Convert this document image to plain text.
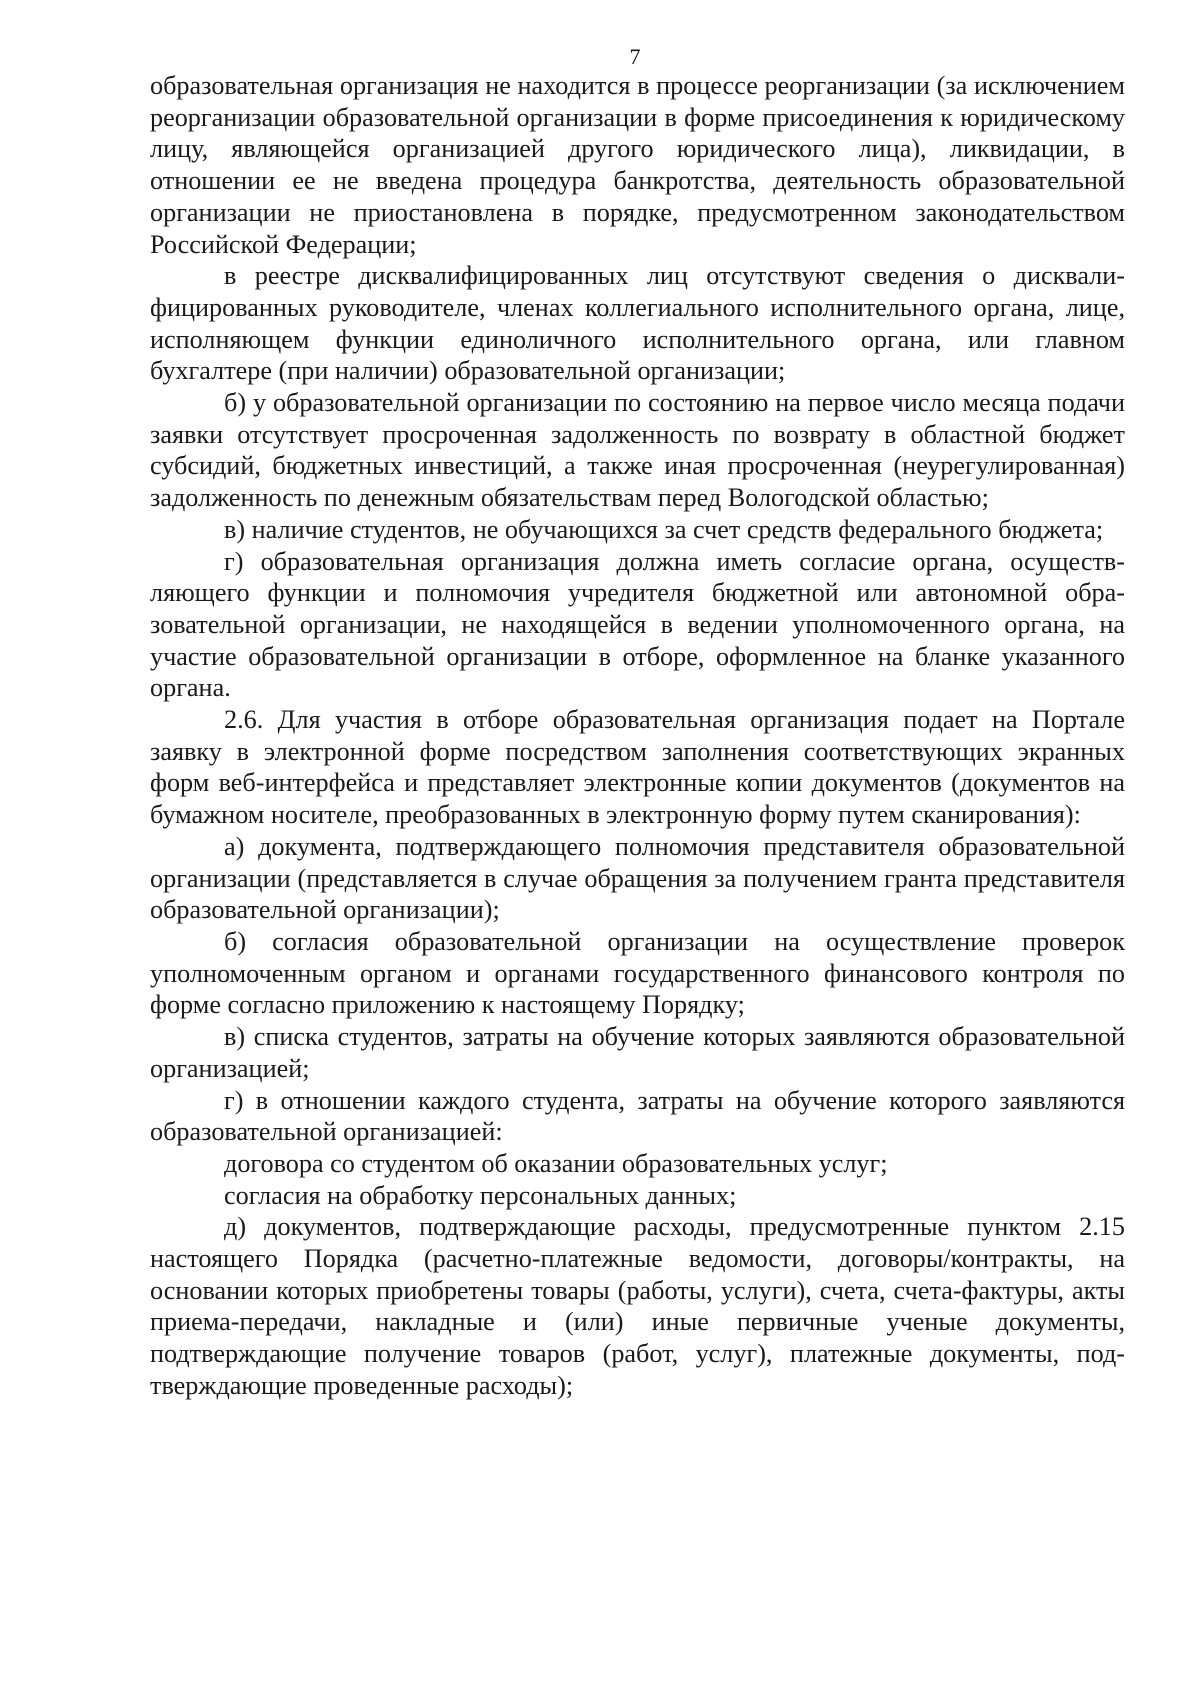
7

образовательная организация не находится в процессе реорганизации (за исключением реорганизации образовательной организации в форме присоединения к юридическому лицу, являющейся организацией другого юридического лица), ликвидации, в отношении ее не введена процедура банкротства, деятельность образовательной организации не приостановлена в порядке, предусмотренном законодательством Российской Федерации;

в реестре дисквалифицированных лиц отсутствуют сведения о дисквалифицированных руководителе, членах коллегиального исполнительного органа, лице, исполняющем функции единоличного исполнительного органа, или главном бухгалтере (при наличии) образовательной организации;

б) у образовательной организации по состоянию на первое число месяца подачи заявки отсутствует просроченная задолженность по возврату в областной бюджет субсидий, бюджетных инвестиций, а также иная просроченная (неурегулированная) задолженность по денежным обязательствам перед Вологодской областью;

в) наличие студентов, не обучающихся за счет средств федерального бюджета;

г) образовательная организация должна иметь согласие органа, осуществляющего функции и полномочия учредителя бюджетной или автономной образовательной организации, не находящейся в ведении уполномоченного органа, на участие образовательной организации в отборе, оформленное на бланке указанного органа.

2.6. Для участия в отборе образовательная организация подает на Портале заявку в электронной форме посредством заполнения соответствующих экранных форм веб-интерфейса и представляет электронные копии документов (документов на бумажном носителе, преобразованных в электронную форму путем сканирования):

а) документа, подтверждающего полномочия представителя образовательной организации (представляется в случае обращения за получением гранта представителя образовательной организации);

б) согласия образовательной организации на осуществление проверок уполномоченным органом и органами государственного финансового контроля по форме согласно приложению к настоящему Порядку;

в) списка студентов, затраты на обучение которых заявляются образовательной организацией;

г) в отношении каждого студента, затраты на обучение которого заявляются образовательной организацией:

договора со студентом об оказании образовательных услуг;

согласия на обработку персональных данных;

д) документов, подтверждающие расходы, предусмотренные пунктом 2.15 настоящего Порядка (расчетно-платежные ведомости, договоры/контракты, на основании которых приобретены товары (работы, услуги), счета, счета-фактуры, акты приема-передачи, накладные и (или) иные первичные ученые документы, подтверждающие получение товаров (работ, услуг), платежные документы, подтверждающие проведенные расходы);
